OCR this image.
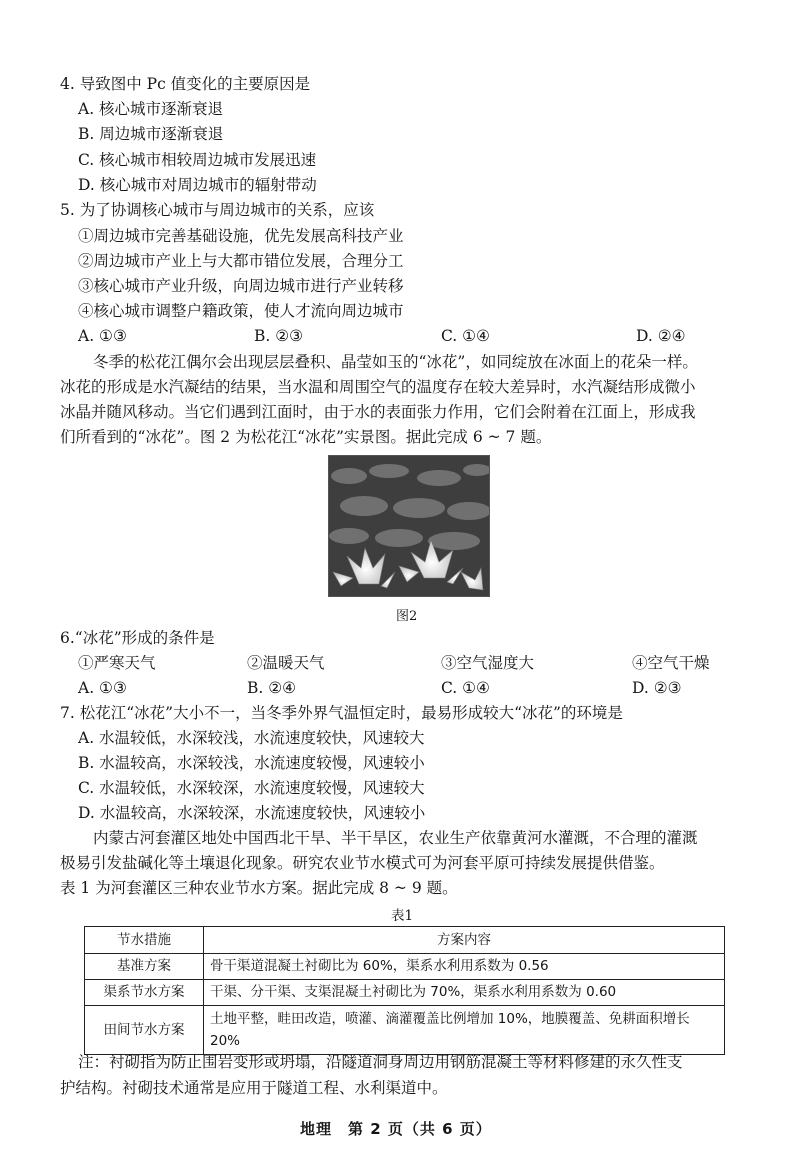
4. 导致图中 Pc 值变化的主要原因是
A. 核心城市逐渐衰退
B. 周边城市逐渐衰退
C. 核心城市相较周边城市发展迅速
D. 核心城市对周边城市的辐射带动
5. 为了协调核心城市与周边城市的关系，应该
①周边城市完善基础设施，优先发展高科技产业
②周边城市产业上与大都市错位发展，合理分工
③核心城市产业升级，向周边城市进行产业转移
④核心城市调整户籍政策，使人才流向周边城市
A. ①③	B. ②③	C. ①④	D. ②④
冬季的松花江偶尔会出现层层叠积、晶莹如玉的“冰花”，如同绽放在冰面上的花朵一样。
冰花的形成是水汽凝结的结果，当水温和周围空气的温度存在较大差异时，水汽凝结形成微小
冰晶并随风移动。当它们遇到江面时，由于水的表面张力作用，它们会附着在江面上，形成我
们所看到的“冰花”。图 2 为松花江“冰花”实景图。据此完成 6 ~ 7 题。
图2
6.“冰花”形成的条件是
①严寒天气	②温暖天气	③空气湿度大	④空气干燥
A. ①③	B. ②④	C. ①④	D. ②③
7. 松花江“冰花”大小不一，当冬季外界气温恒定时，最易形成较大“冰花”的环境是
A. 水温较低，水深较浅，水流速度较快，风速较大
B. 水温较高，水深较浅，水流速度较慢，风速较小
C. 水温较低，水深较深，水流速度较慢，风速较大
D. 水温较高，水深较深，水流速度较快，风速较小
内蒙古河套灌区地处中国西北干旱、半干旱区，农业生产依靠黄河水灌溉，不合理的灌溉
极易引发盐碱化等土壤退化现象。研究农业节水模式可为河套平原可持续发展提供借鉴。
表 1 为河套灌区三种农业节水方案。据此完成 8 ~ 9 题。
表1
节水措施	方案内容
基准方案	骨干渠道混凝土衬砌比为 60%，渠系水利用系数为 0.56
渠系节水方案	干渠、分干渠、支渠混凝土衬砌比为 70%，渠系水利用系数为 0.60
田间节水方案	土地平整，畦田改造，喷灌、滴灌覆盖比例增加 10%，地膜覆盖、免耕面积增长 20%
注：衬砌指为防止围岩变形或坍塌，沿隧道洞身周边用钢筋混凝土等材料修建的永久性支
护结构。衬砌技术通常是应用于隧道工程、水利渠道中。
地理　第 2 页（共 6 页）
